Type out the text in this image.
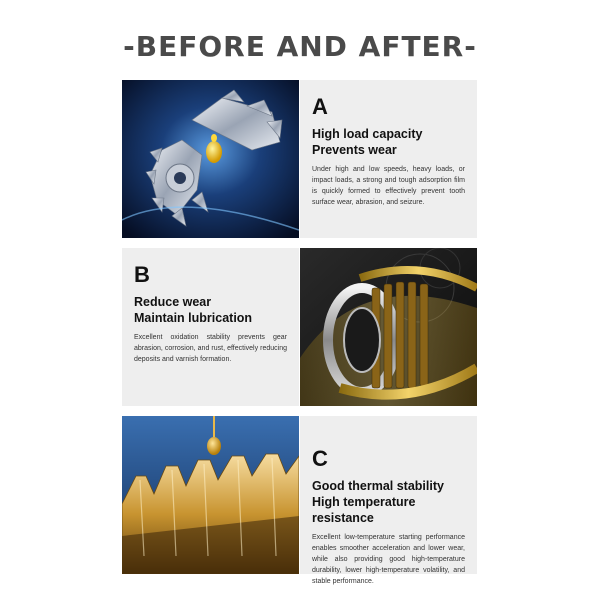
-BEFORE AND AFTER-
A
High load capacity
Prevents wear
Under high and low speeds, heavy loads, or impact loads, a strong and tough adsorption film is quickly formed to effectively prevent tooth surface wear, abrasion, and seizure.
B
Reduce wear
Maintain lubrication
Excellent oxidation stability prevents gear abrasion, corrosion, and rust, effectively reducing deposits and varnish formation.
C
Good thermal stability
High temperature resistance
Excellent low-temperature starting performance enables smoother acceleration and lower wear, while also providing good high-temperature durability, lower high-temperature volatility, and stable performance.
